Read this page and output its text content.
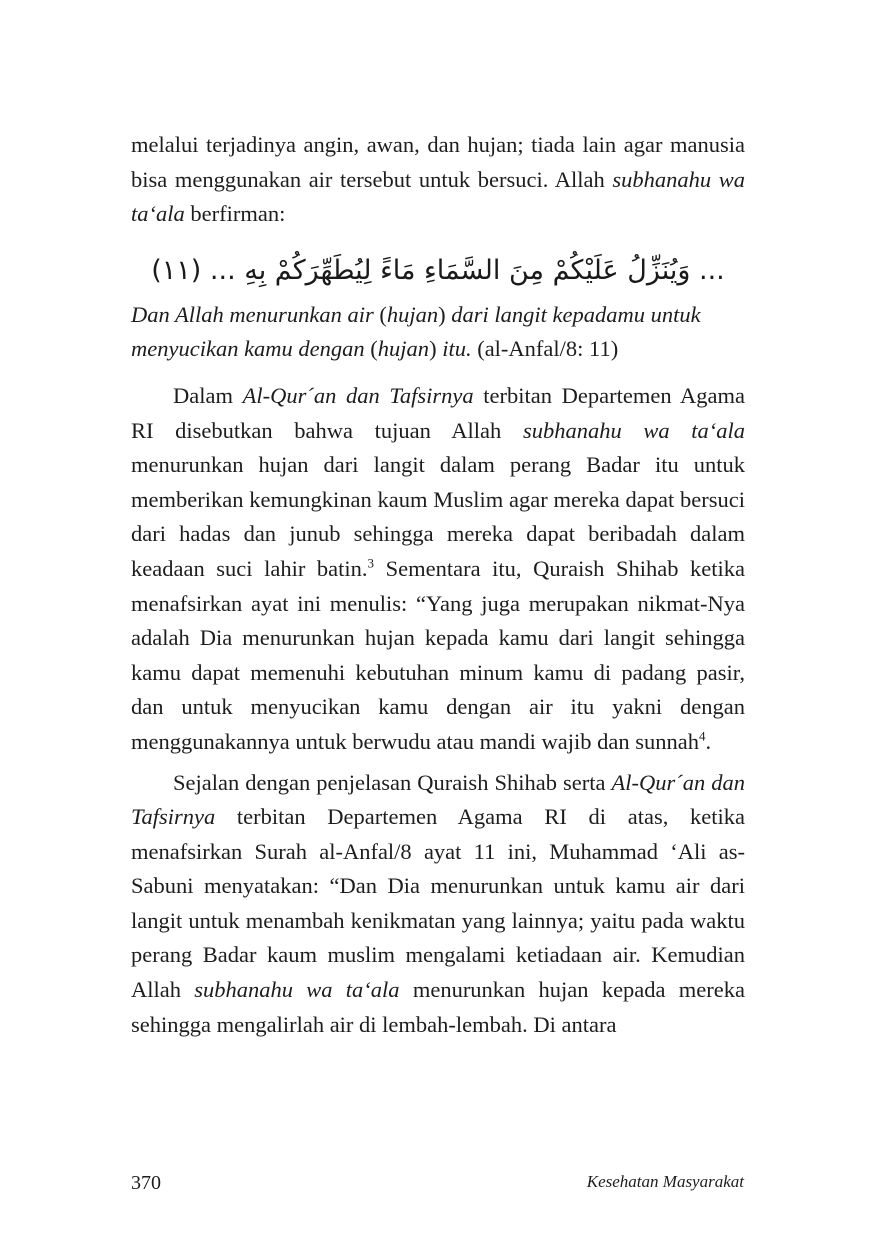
melalui terjadinya angin, awan, dan hujan; tiada lain agar manusia bisa menggunakan air tersebut untuk bersuci. Allah subhanahu wa ta‘ala berfirman:

... وَيُنَزِّلُ عَلَيْكُمْ مِنَ السَّمَاءِ مَاءً لِيُطَهِّرَكُمْ بِهِ ... (١١)

Dan Allah menurunkan air (hujan) dari langit kepadamu untuk menyucikan kamu dengan (hujan) itu. (al-Anfal/8: 11)

Dalam Al-Qur´an dan Tafsirnya terbitan Departemen Agama RI disebutkan bahwa tujuan Allah subhanahu wa ta‘ala menurunkan hujan dari langit dalam perang Badar itu untuk memberikan kemungkinan kaum Muslim agar mereka dapat bersuci dari hadas dan junub sehingga mereka dapat beribadah dalam keadaan suci lahir batin.$^3$ Sementara itu, Quraish Shihab ketika menafsirkan ayat ini menulis: “Yang juga merupakan nikmat-Nya adalah Dia menurunkan hujan kepada kamu dari langit sehingga kamu dapat memenuhi kebutuhan minum kamu di padang pasir, dan untuk menyucikan kamu dengan air itu yakni dengan menggunakannya untuk berwudu atau mandi wajib dan sunnah$^4$.

Sejalan dengan penjelasan Quraish Shihab serta Al-Qur´an dan Tafsirnya terbitan Departemen Agama RI di atas, ketika menafsirkan Surah al-Anfal/8 ayat 11 ini, Muhammad ‘Ali as-Sabuni menyatakan: “Dan Dia menurunkan untuk kamu air dari langit untuk menambah kenikmatan yang lainnya; yaitu pada waktu perang Badar kaum muslim mengalami ketiadaan air. Kemudian Allah subhanahu wa ta‘ala menurunkan hujan kepada mereka sehingga mengalirlah air di lembah-lembah. Di antara

370	Kesehatan Masyarakat
